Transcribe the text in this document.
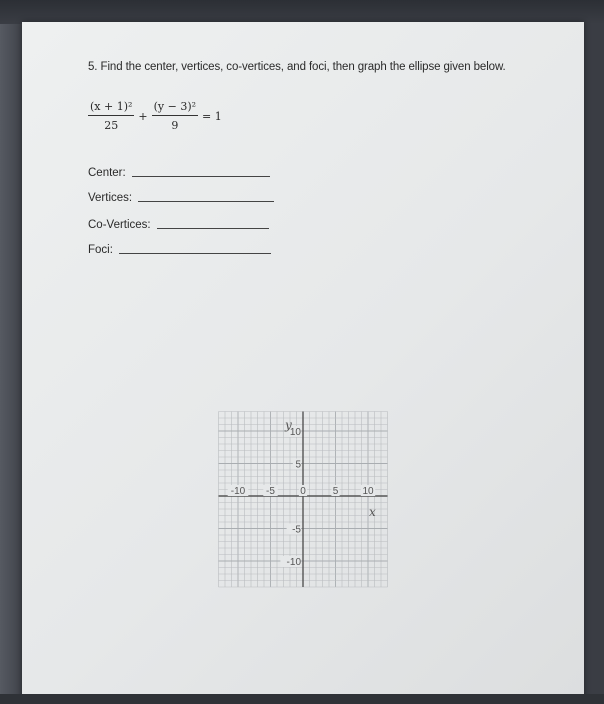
5. Find the center, vertices, co-vertices, and foci, then graph the ellipse given below.
$\frac{\text{(x + 1)²}}{25} + \frac{\text{(y − 3)²}}{9} = 1$
Center:
Vertices:
Co-Vertices:
Foci:
-10 -5	0	5 10
10
5
-5
-10
x
y
